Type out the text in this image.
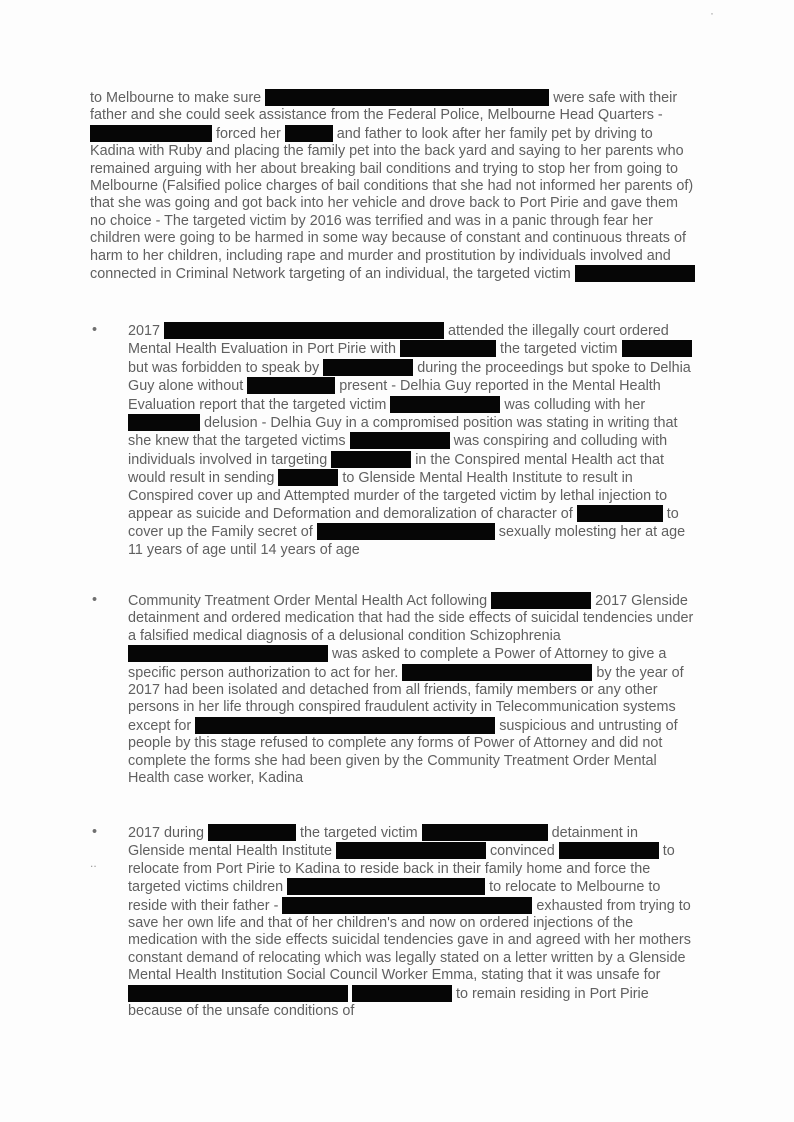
to Melbourne to make sure	were safe with their father and she could seek assistance from the Federal Police, Melbourne Head Quarters -  forced her	and father to look after her family pet by driving to Kadina with Ruby and placing the family pet into the back yard and saying to her parents who remained arguing with her about breaking bail conditions and trying to stop her from going to Melbourne (Falsified police charges of bail conditions that she had not informed her parents of) that she was going and got back into her vehicle and drove back to Port Pirie and gave them no choice - The targeted victim by 2016 was terrified and was in a panic through fear her children were going to be harmed in some way because of constant and continuous threats of harm to her children, including rape and murder and prostitution by individuals involved and connected in Criminal Network targeting of an individual, the targeted victim

• 2017	attended the illegally court ordered Mental Health Evaluation in Port Pirie with	the targeted victim  but was forbidden to speak by	during the proceedings but spoke to Delhia Guy alone without	present - Delhia Guy reported in the Mental Health Evaluation report that the targeted victim	was colluding with her  delusion - Delhia Guy in a compromised position was stating in writing that she knew that the targeted victims	was conspiring and colluding with individuals involved in targeting	in the Conspired mental Health act that would result in sending	to Glenside Mental Health Institute to result in Conspired cover up and Attempted murder of the targeted victim by lethal injection to appear as suicide and Deformation and demoralization of character of	to cover up the Family secret of	sexually molesting her at age 11 years of age until 14 years of age

• Community Treatment Order Mental Health Act following	2017 Glenside detainment and ordered medication that had the side effects of suicidal tendencies under a falsified medical diagnosis of a delusional condition Schizophrenia  was asked to complete a Power of Attorney to give a specific person authorization to act for her.	by the year of 2017 had been isolated and detached from all friends, family members or any other persons in her life through conspired fraudulent activity in Telecommunication systems except for	suspicious and untrusting of people by this stage refused to complete any forms of Power of Attorney and did not complete the forms she had been given by the Community Treatment Order Mental Health case worker, Kadina

• 2017 during	the targeted victim	detainment in Glenside mental Health Institute	convinced	to relocate from Port Pirie to Kadina to reside back in their family home and force the targeted victims children	to relocate to Melbourne to reside with their father -	exhausted from trying to save her own life and that of her children's and now on ordered injections of the medication with the side effects suicidal tendencies gave in and agreed with her mothers constant demand of relocating which was legally stated on a letter written by a Glenside Mental Health Institution Social Council Worker Emma, stating that it was unsafe for   to remain residing in Port Pirie because of the unsafe conditions of

..
·
